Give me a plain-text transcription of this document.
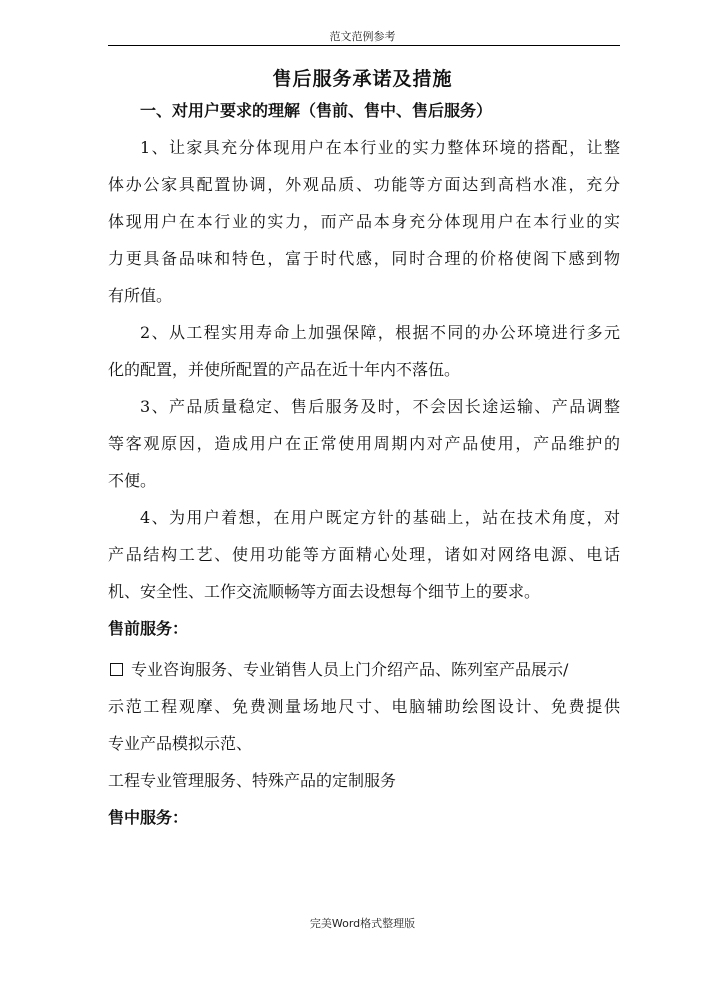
范文范例参考
售后服务承诺及措施
一、对用户要求的理解（售前、售中、售后服务）
1、让家具充分体现用户在本行业的实力整体环境的搭配，让整
体办公家具配置协调，外观品质、功能等方面达到高档水准，充分
体现用户在本行业的实力，而产品本身充分体现用户在本行业的实
力更具备品味和特色，富于时代感，同时合理的价格使阁下感到物
有所值。
2、从工程实用寿命上加强保障，根据不同的办公环境进行多元
化的配置，并使所配置的产品在近十年内不落伍。
3、产品质量稳定、售后服务及时，不会因长途运输、产品调整
等客观原因，造成用户在正常使用周期内对产品使用，产品维护的
不便。
4、为用户着想，在用户既定方针的基础上，站在技术角度，对
产品结构工艺、使用功能等方面精心处理，诸如对网络电源、电话
机、安全性、工作交流顺畅等方面去设想每个细节上的要求。
售前服务：
专业咨询服务、专业销售人员上门介绍产品、陈列室产品展示/
示范工程观摩、免费测量场地尺寸、电脑辅助绘图设计、免费提供
专业产品模拟示范、
工程专业管理服务、特殊产品的定制服务
售中服务：
完美Word格式整理版
